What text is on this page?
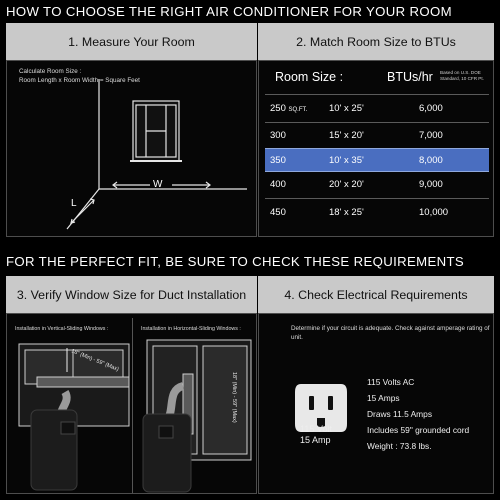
HOW TO CHOOSE THE RIGHT AIR CONDITIONER FOR YOUR ROOM
1. Measure Your Room
Calculate Room Size :
Room Length x Room Width = Square Feet
W
L
2. Match Room Size to BTUs
Room Size :	BTUs/hr Based on U.S. DOE
Standard, 10 CFR Pt.
250 SQ.FT. 10' x 25'	6,000
300	15' x 20'	7,000
350	10' x 35'	8,000
400	20' x 20'	9,000
450	18' x 25'	10,000
FOR THE PERFECT FIT, BE SURE TO CHECK THESE REQUIREMENTS
3. Verify Window Size for Duct Installation
Installation in Vertical-Sliding Windows :	Installation in Horizontal-Sliding Windows :
18" (Min) - 59" (Max)
18" (Min) - 59" (Max)
4. Check Electrical Requirements
Determine if your circuit is adequate. Check against amperage rating of unit.
115 Volt
15 Amp
115 Volts AC
15 Amps
Draws 11.5 Amps
Includes 59" grounded cord
Weight : 73.8 lbs.
